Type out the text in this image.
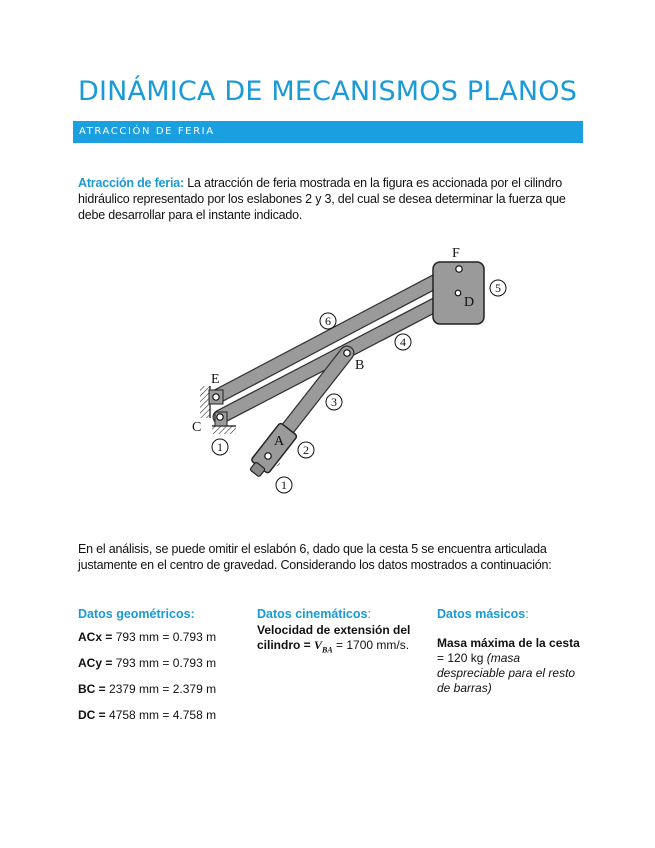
DINÁMICA DE MECANISMOS PLANOS
ATRACCIÓN DE FERIA

Atracción de feria: La atracción de feria mostrada en la figura es accionada por el cilindro hidráulico representado por los eslabones 2 y 3, del cual se desea determinar la fuerza que debe desarrollar para el instante indicado.

F
D
E
B
C
A
5
6
4
3
2
1
1

En el análisis, se puede omitir el eslabón 6, dado que la cesta 5 se encuentra articulada justamente en el centro de gravedad. Considerando los datos mostrados a continuación:

Datos geométricos:

ACx = 793 mm = 0.793 m

ACy = 793 mm = 0.793 m

BC = 2379 mm = 2.379 m

DC = 4758 mm = 4.758 m

Datos cinemáticos:

Velocidad de extensión del cilindro = $V_{BA} = 1700$ mm/s.

Datos másicos:

Masa máxima de la cesta = 120 kg (masa despreciable para el resto de barras)
